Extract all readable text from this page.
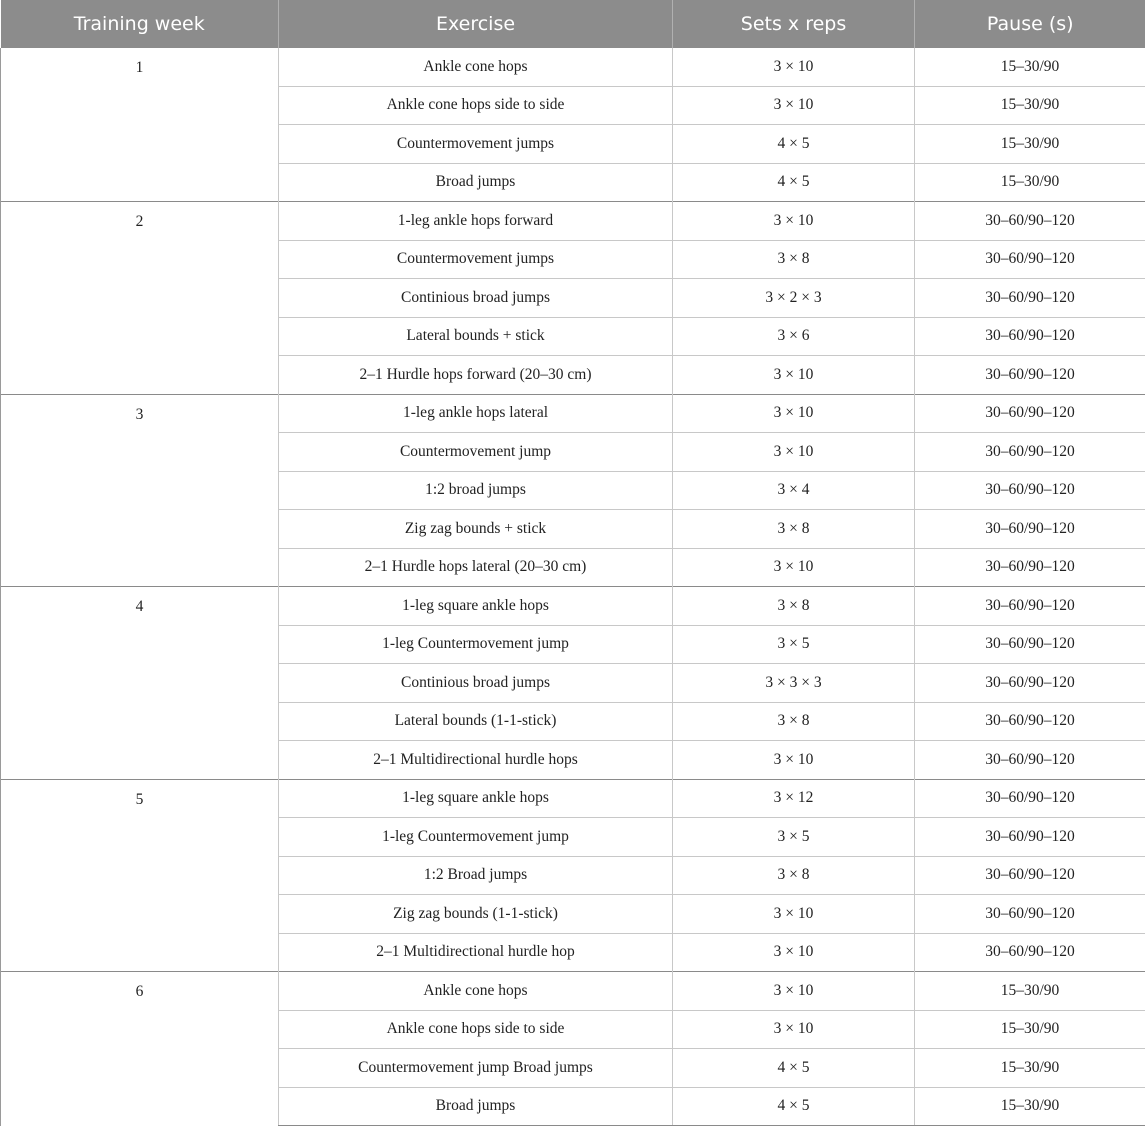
Training week	Exercise	Sets x reps	Pause (s)
1	Ankle cone hops	3 × 10	15–30/90
	Ankle cone hops side to side	3 × 10	15–30/90
	Countermovement jumps	4 × 5	15–30/90
	Broad jumps	4 × 5	15–30/90
2	1-leg ankle hops forward	3 × 10	30–60/90–120
	Countermovement jumps	3 × 8	30–60/90–120
	Continious broad jumps	3 × 2 × 3	30–60/90–120
	Lateral bounds + stick	3 × 6	30–60/90–120
	2–1 Hurdle hops forward (20–30 cm)	3 × 10	30–60/90–120
3	1-leg ankle hops lateral	3 × 10	30–60/90–120
	Countermovement jump	3 × 10	30–60/90–120
	1:2 broad jumps	3 × 4	30–60/90–120
	Zig zag bounds + stick	3 × 8	30–60/90–120
	2–1 Hurdle hops lateral (20–30 cm)	3 × 10	30–60/90–120
4	1-leg square ankle hops	3 × 8	30–60/90–120
	1-leg Countermovement jump	3 × 5	30–60/90–120
	Continious broad jumps	3 × 3 × 3	30–60/90–120
	Lateral bounds (1-1-stick)	3 × 8	30–60/90–120
	2–1 Multidirectional hurdle hops	3 × 10	30–60/90–120
5	1-leg square ankle hops	3 × 12	30–60/90–120
	1-leg Countermovement jump	3 × 5	30–60/90–120
	1:2 Broad jumps	3 × 8	30–60/90–120
	Zig zag bounds (1-1-stick)	3 × 10	30–60/90–120
	2–1 Multidirectional hurdle hop	3 × 10	30–60/90–120
6	Ankle cone hops	3 × 10	15–30/90
	Ankle cone hops side to side	3 × 10	15–30/90
	Countermovement jump Broad jumps	4 × 5	15–30/90
	Broad jumps	4 × 5	15–30/90
